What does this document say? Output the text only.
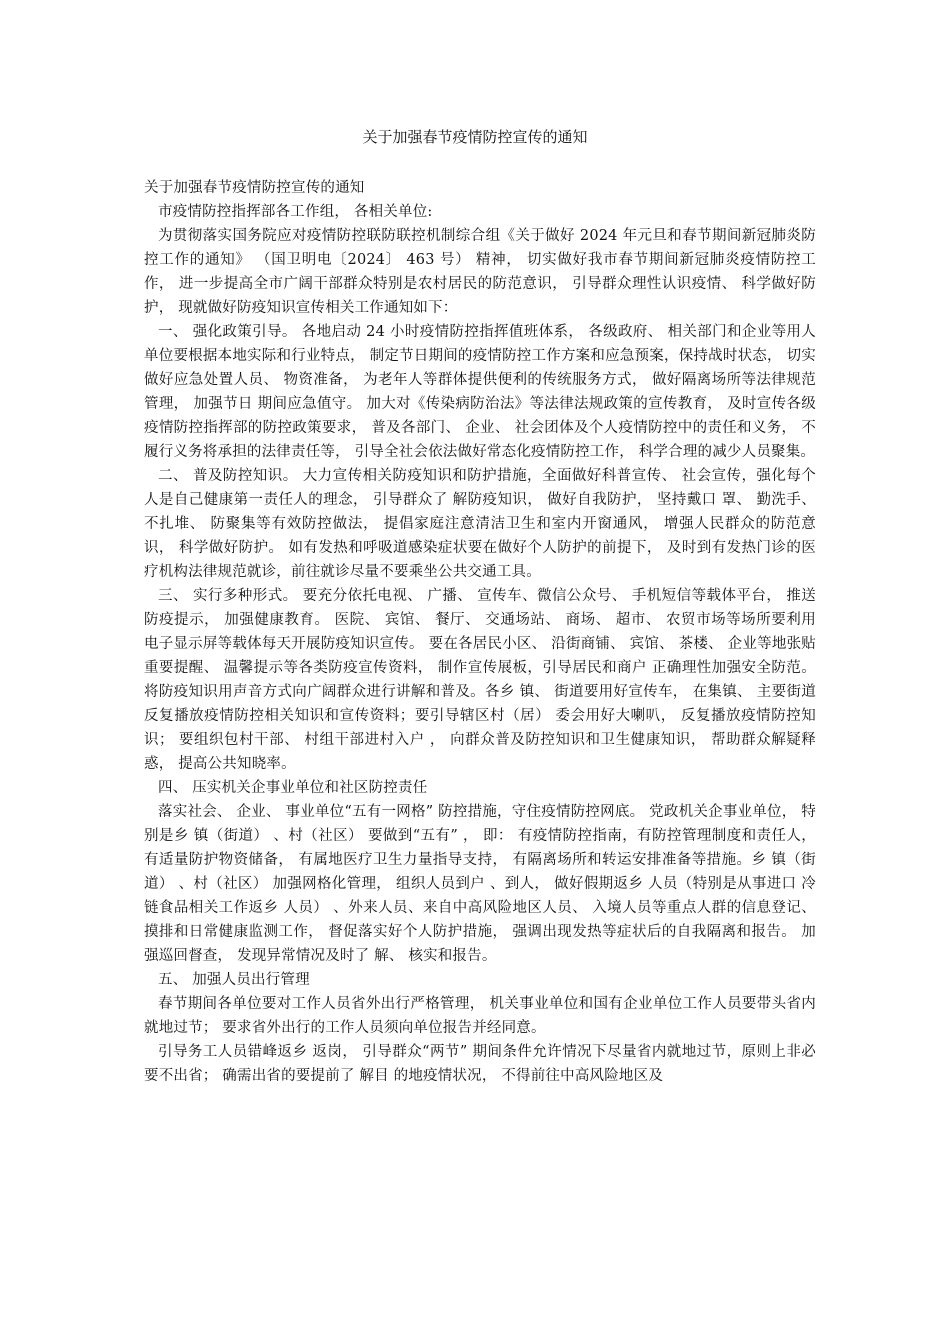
关于加强春节疫情防控宣传的通知

关于加强春节疫情防控宣传的通知

市疫情防控指挥部各工作组， 各相关单位:

为贯彻落实国务院应对疫情防控联防联控机制综合组《关于做好 2024 年元旦和春节期间新冠肺炎防控工作的通知》 （国卫明电〔2024〕 463 号） 精神， 切实做好我市春节期间新冠肺炎疫情防控工作， 进一步提高全市广阔干部群众特别是农村居民的防范意识， 引导群众理性认识疫情、 科学做好防护， 现就做好防疫知识宣传相关工作通知如下：

一、 强化政策引导。 各地启动 24 小时疫情防控指挥值班体系， 各级政府、 相关部门和企业等用人单位要根据本地实际和行业特点， 制定节日期间的疫情防控工作方案和应急预案，保持战时状态， 切实做好应急处置人员、 物资准备， 为老年人等群体提供便利的传统服务方式， 做好隔离场所等法律规范管理， 加强节日 期间应急值守。 加大对《传染病防治法》等法律法规政策的宣传教育， 及时宣传各级疫情防控指挥部的防控政策要求， 普及各部门、 企业、 社会团体及个人疫情防控中的责任和义务， 不履行义务将承担的法律责任等， 引导全社会依法做好常态化疫情防控工作， 科学合理的减少人员聚集。

二、 普及防控知识。 大力宣传相关防疫知识和防护措施，全面做好科普宣传、 社会宣传，强化每个人是自己健康第一责任人的理念， 引导群众了 解防疫知识， 做好自我防护， 坚持戴口 罩、 勤洗手、 不扎堆、 防聚集等有效防控做法， 提倡家庭注意清洁卫生和室内开窗通风， 增强人民群众的防范意识， 科学做好防护。 如有发热和呼吸道感染症状要在做好个人防护的前提下， 及时到有发热门诊的医疗机构法律规范就诊，前往就诊尽量不要乘坐公共交通工具。

三、 实行多种形式。 要充分依托电视、 广播、 宣传车、微信公众号、 手机短信等载体平台， 推送防疫提示， 加强健康教育。 医院、 宾馆、 餐厅、 交通场站、 商场、 超市、 农贸市场等场所要利用 电子显示屏等载体每天开展防疫知识宣传。 要在各居民小区、 沿街商铺、 宾馆、 茶楼、 企业等地张贴重要提醒、 温馨提示等各类防疫宣传资料， 制作宣传展板，引导居民和商户 正确理性加强安全防范。 将防疫知识用声音方式向广阔群众进行讲解和普及。各乡 镇、 街道要用好宣传车， 在集镇、 主要街道反复播放疫情防控相关知识和宣传资料；要引导辖区村（居） 委会用好大喇叭， 反复播放疫情防控知识； 要组织包村干部、 村组干部进村入户 ， 向群众普及防控知识和卫生健康知识， 帮助群众解疑释惑， 提高公共知晓率。

四、 压实机关企事业单位和社区防控责任

落实社会、 企业、 事业单位“五有一网格” 防控措施，守住疫情防控网底。 党政机关企事业单位， 特别是乡 镇（街道） 、村（社区） 要做到“五有” ， 即： 有疫情防控指南，有防控管理制度和责任人， 有适量防护物资储备， 有属地医疗卫生力量指导支持， 有隔离场所和转运安排准备等措施。乡 镇（街道） 、村（社区） 加强网格化管理， 组织人员到户 、到人， 做好假期返乡 人员（特别是从事进口 冷链食品相关工作返乡 人员） 、外来人员、来自中高风险地区人员、 入境人员等重点人群的信息登记、 摸排和日常健康监测工作， 督促落实好个人防护措施， 强调出现发热等症状后的自我隔离和报告。 加强巡回督查， 发现异常情况及时了 解、 核实和报告。

五、 加强人员出行管理

春节期间各单位要对工作人员省外出行严格管理， 机关事业单位和国有企业单位工作人员要带头省内就地过节； 要求省外出行的工作人员须向单位报告并经同意。

引导务工人员错峰返乡 返岗， 引导群众“两节” 期间条件允许情况下尽量省内就地过节，原则上非必要不出省； 确需出省的要提前了 解目 的地疫情状况， 不得前往中高风险地区及
